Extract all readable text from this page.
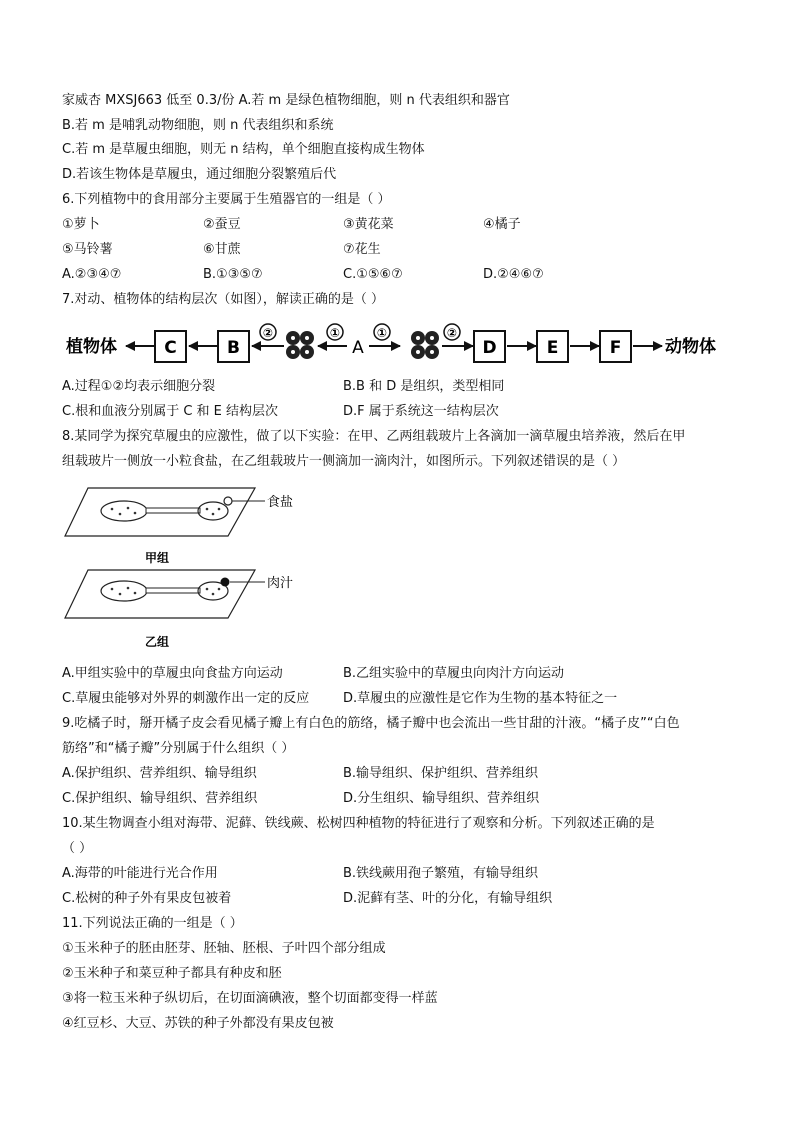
家威杏 MXSJ663 低至 0.3/份 A.若 m 是绿色植物细胞，则 n 代表组织和器官
B.若 m 是哺乳动物细胞，则 n 代表组织和系统
C.若 m 是草履虫细胞，则无 n 结构，单个细胞直接构成生物体
D.若该生物体是草履虫，通过细胞分裂繁殖后代
6.下列植物中的食用部分主要属于生殖器官的一组是（ ）
①萝卜	②蚕豆	③黄花菜	④橘子
⑤马铃薯	⑥甘蔗	⑦花生
A.②③④⑦	B.①③⑤⑦	C.①⑤⑥⑦	D.②④⑥⑦
7.对动、植物体的结构层次（如图），解读正确的是（ ）
植物体	C	B
②	①
A
①	②
D	E	F	动物体
A.过程①②均表示细胞分裂	B.B 和 D 是组织，类型相同
C.根和血液分别属于 C 和 E 结构层次	D.F 属于系统这一结构层次
8.某同学为探究草履虫的应激性，做了以下实验：在甲、乙两组载玻片上各滴加一滴草履虫培养液，然后在甲
组载玻片一侧放一小粒食盐，在乙组载玻片一侧滴加一滴肉汁，如图所示。下列叙述错误的是（ ）
食盐
甲组
肉汁
乙组
A.甲组实验中的草履虫向食盐方向运动	B.乙组实验中的草履虫向肉汁方向运动
C.草履虫能够对外界的刺激作出一定的反应	D.草履虫的应激性是它作为生物的基本特征之一
9.吃橘子时，掰开橘子皮会看见橘子瓣上有白色的筋络，橘子瓣中也会流出一些甘甜的汁液。“橘子皮”“白色
筋络”和“橘子瓣”分别属于什么组织（ ）
A.保护组织、营养组织、输导组织	B.输导组织、保护组织、营养组织
C.保护组织、输导组织、营养组织	D.分生组织、输导组织、营养组织
10.某生物调查小组对海带、泥藓、铁线蕨、松树四种植物的特征进行了观察和分析。下列叙述正确的是
（ ）
A.海带的叶能进行光合作用	B.铁线蕨用孢子繁殖，有输导组织
C.松树的种子外有果皮包被着	D.泥藓有茎、叶的分化，有输导组织
11.下列说法正确的一组是（ ）
①玉米种子的胚由胚芽、胚轴、胚根、子叶四个部分组成
②玉米种子和菜豆种子都具有种皮和胚
③将一粒玉米种子纵切后，在切面滴碘液，整个切面都变得一样蓝
④红豆杉、大豆、苏铁的种子外都没有果皮包被
